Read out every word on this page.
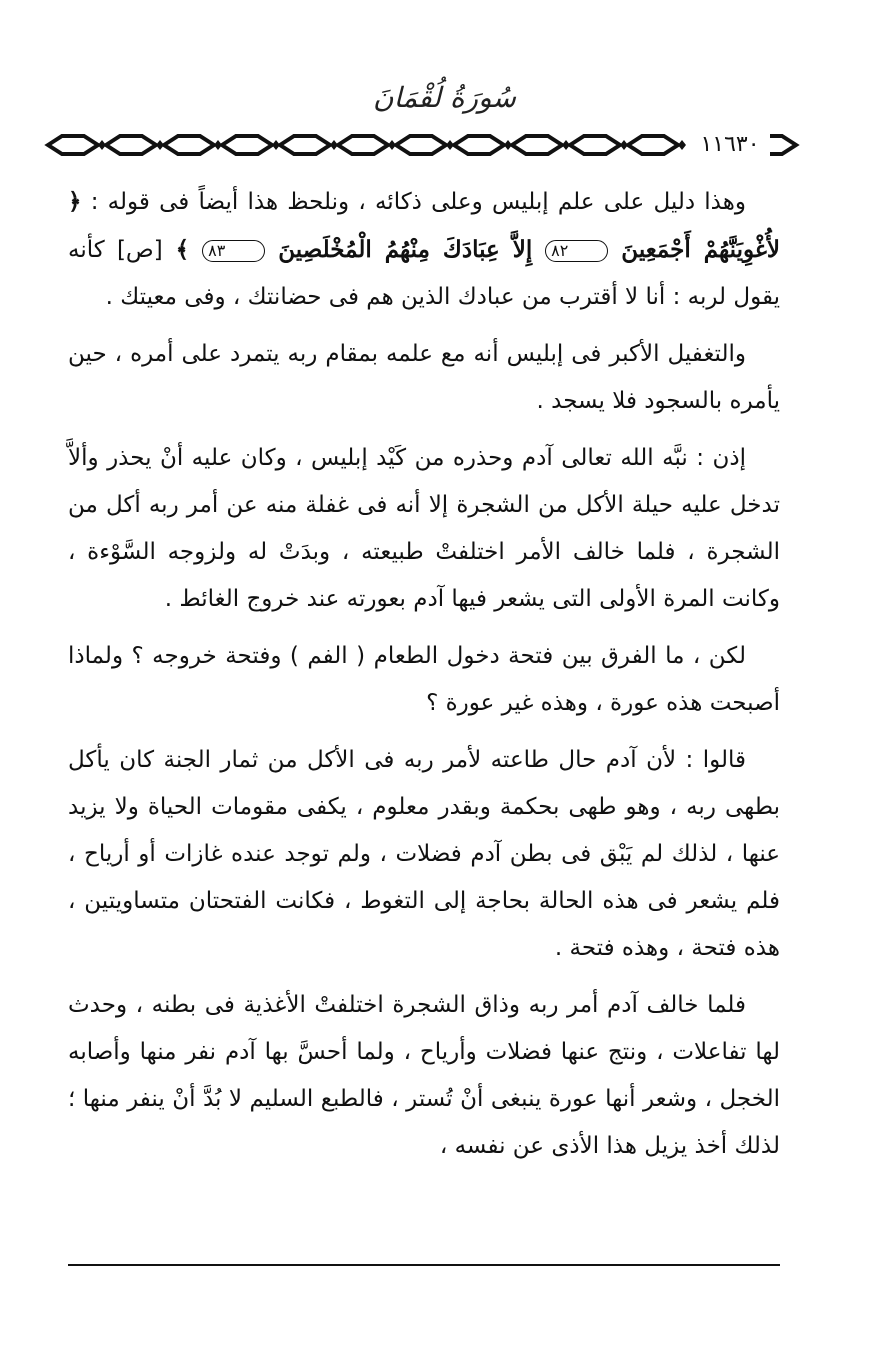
سُورَةُ لُقْمَانَ
١١٦٣٠

وهذا دليل على علم إبليس وعلى ذكائه ، ونلحظ هذا أيضاً فى قوله : ﴿ لأُغْوِيَنَّهُمْ أَجْمَعِينَ ٨٢ إِلاَّ عِبَادَكَ مِنْهُمُ الْمُخْلَصِينَ ٨٣ ﴾ [ص] كأنه يقول لربه : أنا لا أقترب من عبادك الذين هم فى حضانتك ، وفى معيتك .

والتغفيل الأكبر فى إبليس أنه مع علمه بمقام ربه يتمرد على أمره ، حين يأمره بالسجود فلا يسجد .

إذن : نبَّه الله تعالى آدم وحذره من كَيْد إبليس ، وكان عليه أنْ يحذر وألاَّ تدخل عليه حيلة الأكل من الشجرة إلا أنه فى غفلة منه عن أمر ربه أكل من الشجرة ، فلما خالف الأمر اختلفتْ طبيعته ، وبدَتْ له ولزوجه السَّوْءة ، وكانت المرة الأولى التى يشعر فيها آدم بعورته عند خروج الغائط .

لكن ، ما الفرق بين فتحة دخول الطعام ( الفم ) وفتحة خروجه ؟ ولماذا أصبحت هذه عورة ، وهذه غير عورة ؟

قالوا : لأن آدم حال طاعته لأمر ربه فى الأكل من ثمار الجنة كان يأكل بطهى ربه ، وهو طهى بحكمة وبقدر معلوم ، يكفى مقومات الحياة ولا يزيد عنها ، لذلك لم يَبْق فى بطن آدم فضلات ، ولم توجد عنده غازات أو أرياح ، فلم يشعر فى هذه الحالة بحاجة إلى التغوط ، فكانت الفتحتان متساويتين ، هذه فتحة ، وهذه فتحة .

فلما خالف آدم أمر ربه وذاق الشجرة اختلفتْ الأغذية فى بطنه ، وحدث لها تفاعلات ، ونتج عنها فضلات وأرياح ، ولما أحسَّ بها آدم نفر منها وأصابه الخجل ، وشعر أنها عورة ينبغى أنْ تُستر ، فالطبع السليم لا بُدَّ أنْ ينفر منها ؛ لذلك أخذ يزيل هذا الأذى عن نفسه ،
